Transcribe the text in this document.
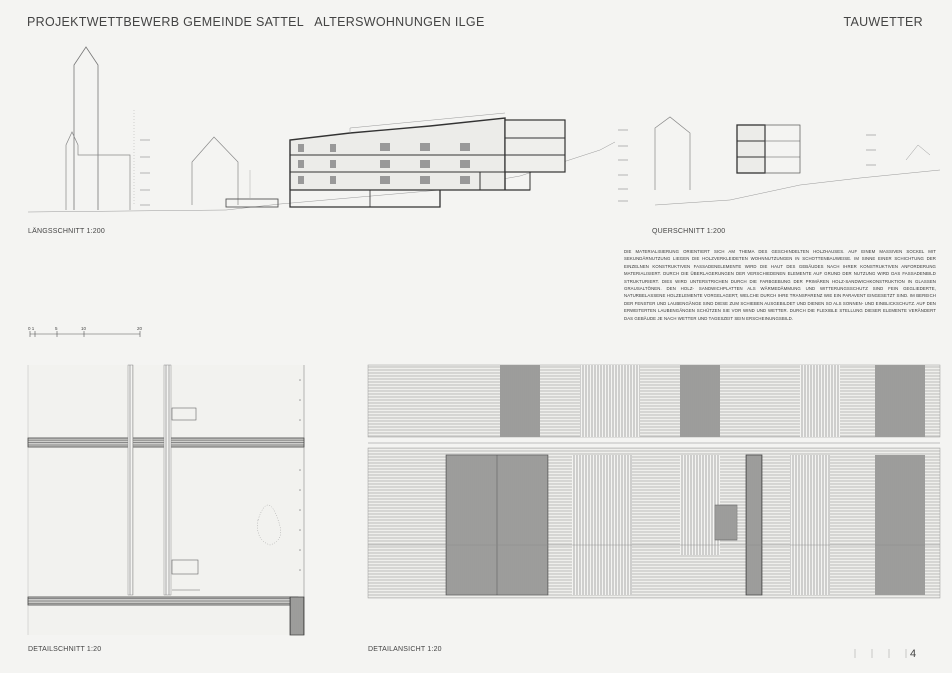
PROJEKTWETTBEWERB GEMEINDE SATTEL   ALTERSWOHNUNGEN ILGE	TAUWETTER
LÄNGSSCHNITT 1:200	QUERSCHNITT 1:200
DETAILSCHNITT 1:20	DETAILANSICHT 1:20
0 1	5	10	20
DIE MATERIALISIERUNG ORIENTIERT SICH AM THEMA DES GESCHINDELTEN HOLZHAUSES. AUF EINEM MASSIVEN SOCKEL MIT SEKUNDÄRNUTZUNG LIEGEN DIE HOLZVERKLEIDETEN WOHNNUTZUNGEN IN SCHOTTENBAUWEISE. IM SINNE EINER SCHICHTUNG DER EINZELNEN KONSTRUKTIVEN FASSADENELEMENTE WIRD DIE HAUT DES GEBÄUDES NACH IHRER KONSTRUKTIVEN ANFORDERUNG MATERIALISIERT. DURCH DIE ÜBERLAGERUNGEN DER VERSCHIEDENEN ELEMENTE AUF GRUND DER NUTZUNG WIRD DAS FASSADENBILD STRUKTURIERT. DIES WIRD UNTERSTRICHEN DURCH DIE FARBGEBUNG DER PRIMÄREN HOLZ-SANDWICHKONSTRUKTION IN GLASSEN GRAUSALTÖNEN. DEN HOLZ- SANDWICHPLATTEN ALS WÄRMEDÄMMUNG UND WITTERUNGSSCHUTZ SIND FEIN GEGLIEDERTE, NATURBELASSENE HOLZELEMENTE VORGELAGERT, WELCHE DURCH IHRE TRANSPARENZ WIE EIN PARAVENT EINGESETZT SIND. IM BEREICH DER FENSTER UND LAUBENGÄNGE SIND DIESE ZUM SCHIEBEN AUSGEBILDET UND DIENEN SO ALS SONNEN- UND EINBLICKSCHUTZ. AUF DEN ERWEITERTEN LAUBENGÄNGEN SCHÜTZEN SIE VOR WIND UND WETTER. DURCH DIE FLEXIBLE STELLUNG DIESER ELEMENTE VERÄNDERT DAS GEBÄUDE JE NACH WETTER UND TAGESZEIT SEIN ERSCHEINUNGSBILD.
4
